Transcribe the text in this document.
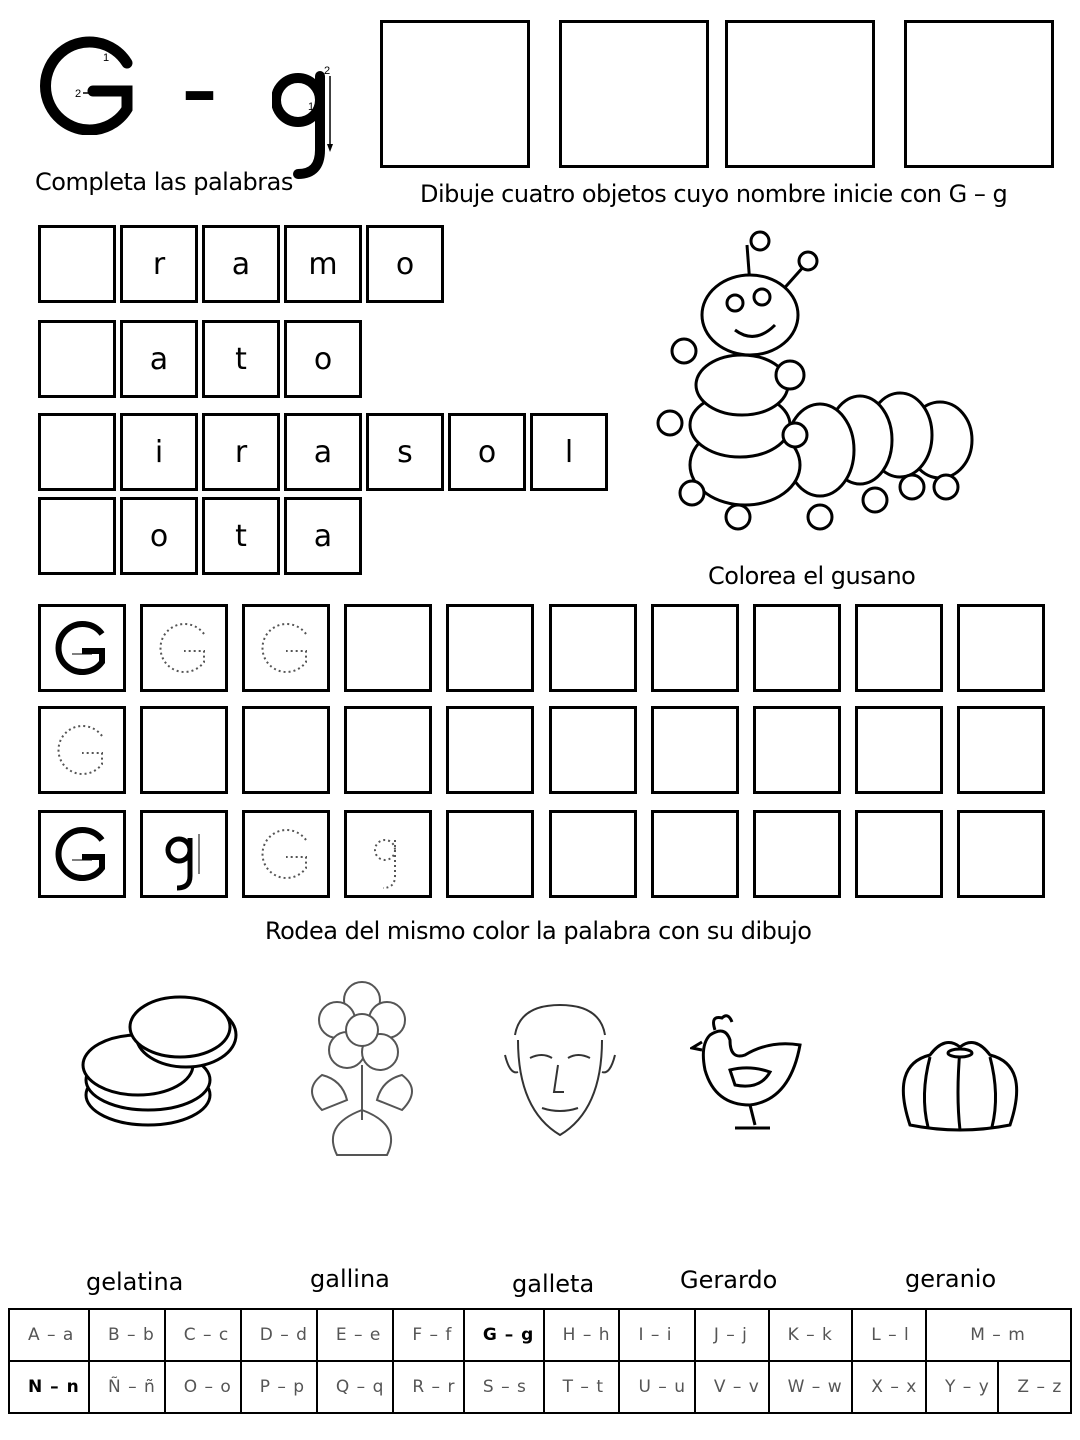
1
2 –	2
1
Completa las palabras	Dibuje cuatro objetos cuyo nombre inicie con G – g
r	a	m	o
a	t	o
i	r	a	s	o	l
o	t	a
Colorea el gusano
Rodea del mismo color la palabra con su dibujo
gelatina	gallina	galleta	Gerardo	geranio
A – a	B – b	C – c	D – d	E – e	F – f	G – g	H – h	I – i	J – j	K – k	L – l	M – m	
N – n	Ñ – ñ	O – o	P – p	Q – q	R – r	S – s	T – t	U – u	V – v	W – w	X – x	Y – y	Z – z
